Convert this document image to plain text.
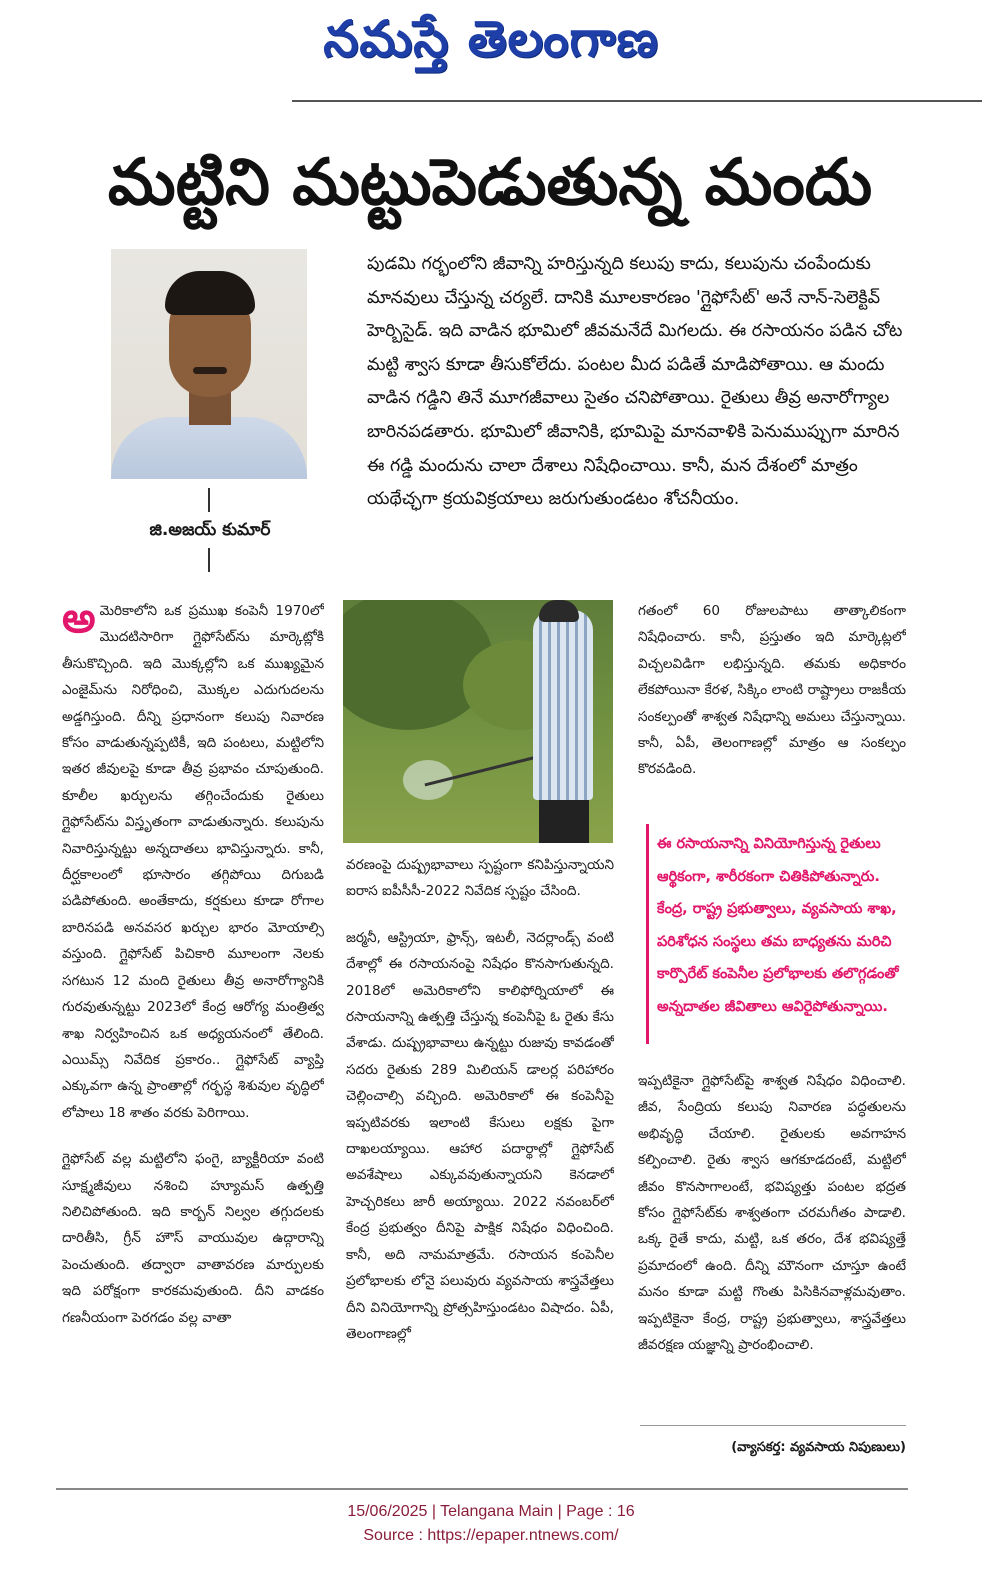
నమస్తే తెలంగాణ
మట్టిని మట్టుపెడుతున్న మందు
జి.అజయ్ కుమార్

పుడమి గర్భంలోని జీవాన్ని హరిస్తున్నది కలుపు కాదు, కలుపును చంపేందుకు మానవులు చేస్తున్న చర్యలే. దానికి మూలకారణం 'గ్లైఫోసేట్' అనే నాన్-సెలెక్టివ్ హెర్బిసైడ్. ఇది వాడిన భూమిలో జీవమనేదే మిగలదు. ఈ రసాయనం పడిన చోట మట్టి శ్వాస కూడా తీసుకోలేదు. పంటల మీద పడితే మాడిపోతాయి. ఆ మందు వాడిన గడ్డిని తినే మూగజీవాలు సైతం చనిపోతాయి. రైతులు తీవ్ర అనారోగ్యాల బారినపడతారు. భూమిలో జీవానికి, భూమిపై మానవాళికి పెనుముప్పుగా మారిన ఈ గడ్డి మందును చాలా దేశాలు నిషేధించాయి. కానీ, మన దేశంలో మాత్రం యథేచ్ఛగా క్రయవిక్రయాలు జరుగుతుండటం శోచనీయం.

అమెరికాలోని ఒక ప్రముఖ కంపెనీ 1970లో మొదటిసారిగా గ్లైఫోసేట్‌ను మార్కెట్లోకి తీసుకొచ్చింది. ఇది మొక్కల్లోని ఒక ముఖ్యమైన ఎంజైమ్‌ను నిరోధించి, మొక్కల ఎదుగుదలను అడ్డగిస్తుంది. దీన్ని ప్రధానంగా కలుపు నివారణ కోసం వాడుతున్నప్పటికీ, ఇది పంటలు, మట్టిలోని ఇతర జీవులపై కూడా తీవ్ర ప్రభావం చూపుతుంది. కూలీల ఖర్చులను తగ్గించేందుకు రైతులు గ్లైఫోసేట్‌ను విస్తృతంగా వాడుతున్నారు. కలుపును నివారిస్తున్నట్టు అన్నదాతలు భావిస్తున్నారు. కానీ, దీర్ఘకాలంలో భూసారం తగ్గిపోయి దిగుబడి పడిపోతుంది. అంతేకాదు, కర్షకులు కూడా రోగాల బారినపడి అనవసర ఖర్చుల భారం మోయాల్సి వస్తుంది. గ్లైఫోసేట్ పిచికారి మూలంగా నెలకు సగటున 12 మంది రైతులు తీవ్ర అనారోగ్యానికి గురవుతున్నట్టు 2023లో కేంద్ర ఆరోగ్య మంత్రిత్వ శాఖ నిర్వహించిన ఒక అధ్యయనంలో తేలింది. ఎయిమ్స్ నివేదిక ప్రకారం.. గ్లైఫోసేట్ వ్యాప్తి ఎక్కువగా ఉన్న ప్రాంతాల్లో గర్భస్థ శిశువుల వృద్ధిలో లోపాలు 18 శాతం వరకు పెరిగాయి.

గ్లైఫోసేట్ వల్ల మట్టిలోని ఫంగై, బ్యాక్టీరియా వంటి సూక్ష్మజీవులు నశించి హ్యూమస్ ఉత్పత్తి నిలిచిపోతుంది. ఇది కార్బన్ నిల్వల తగ్గుదలకు దారితీసి, గ్రీన్ హౌస్ వాయువుల ఉద్గారాన్ని పెంచుతుంది. తద్వారా వాతావరణ మార్పులకు ఇది పరోక్షంగా కారకమవుతుంది. దీని వాడకం గణనీయంగా పెరగడం వల్ల వాతా

వరణంపై దుష్ప్రభావాలు స్పష్టంగా కనిపిస్తున్నాయని ఐరాస ఐపీసీసీ-2022 నివేదిక స్పష్టం చేసింది.

జర్మనీ, ఆస్ట్రియా, ఫ్రాన్స్, ఇటలీ, నెదర్లాండ్స్ వంటి దేశాల్లో ఈ రసాయనంపై నిషేధం కొనసాగుతున్నది. 2018లో అమెరికాలోని కాలిఫోర్నియాలో ఈ రసాయనాన్ని ఉత్పత్తి చేస్తున్న కంపెనీపై ఓ రైతు కేసు వేశాడు. దుష్ప్రభావాలు ఉన్నట్టు రుజువు కావడంతో సదరు రైతుకు 289 మిలియన్ డాలర్ల పరిహారం చెల్లించాల్సి వచ్చింది. అమెరికాలో ఈ కంపెనీపై ఇప్పటివరకు ఇలాంటి కేసులు లక్షకు పైగా దాఖలయ్యాయి. ఆహార పదార్థాల్లో గ్లైఫోసేట్ అవశేషాలు ఎక్కువవుతున్నాయని కెనడాలో హెచ్చరికలు జారీ అయ్యాయి. 2022 నవంబర్‌లో కేంద్ర ప్రభుత్వం దీనిపై పాక్షిక నిషేధం విధించింది. కానీ, అది నామమాత్రమే. రసాయన కంపెనీల ప్రలోభాలకు లోనై పలువురు వ్యవసాయ శాస్త్రవేత్తలు దీని వినియోగాన్ని ప్రోత్సహిస్తుండటం విషాదం. ఏపీ, తెలంగాణల్లో

గతంలో 60 రోజులపాటు తాత్కాలికంగా నిషేధించారు. కానీ, ప్రస్తుతం ఇది మార్కెట్లలో విచ్చలవిడిగా లభిస్తున్నది. తమకు అధికారం లేకపోయినా కేరళ, సిక్కిం లాంటి రాష్ట్రాలు రాజకీయ సంకల్పంతో శాశ్వత నిషేధాన్ని అమలు చేస్తున్నాయి. కానీ, ఏపీ, తెలంగాణల్లో మాత్రం ఆ సంకల్పం కొరవడింది.

ఈ రసాయనాన్ని వినియోగిస్తున్న రైతులు ఆర్థికంగా, శారీరకంగా చితికిపోతున్నారు. కేంద్ర, రాష్ట్ర ప్రభుత్వాలు, వ్యవసాయ శాఖ, పరిశోధన సంస్థలు తమ బాధ్యతను మరిచి కార్పొరేట్ కంపెనీల ప్రలోభాలకు తలొగ్గడంతో అన్నదాతల జీవితాలు ఆవిరైపోతున్నాయి.

ఇప్పటికైనా గ్లైఫోసేట్‌పై శాశ్వత నిషేధం విధించాలి. జీవ, సేంద్రియ కలుపు నివారణ పద్ధతులను అభివృద్ధి చేయాలి. రైతులకు అవగాహన కల్పించాలి. రైతు శ్వాస ఆగకూడదంటే, మట్టిలో జీవం కొనసాగాలంటే, భవిష్యత్తు పంటల భద్రత కోసం గ్లైఫోసేట్‌కు శాశ్వతంగా చరమగీతం పాడాలి. ఒక్క రైతే కాదు, మట్టి, ఒక తరం, దేశ భవిష్యత్తే ప్రమాదంలో ఉంది. దీన్ని మౌనంగా చూస్తూ ఉంటే మనం కూడా మట్టి గొంతు పిసికినవాళ్లమవుతాం. ఇప్పటికైనా కేంద్ర, రాష్ట్ర ప్రభుత్వాలు, శాస్త్రవేత్తలు జీవరక్షణ యజ్ఞాన్ని ప్రారంభించాలి.

(వ్యాసకర్త: వ్యవసాయ నిపుణులు)
15/06/2025 | Telangana Main | Page : 16
Source : https://epaper.ntnews.com/
